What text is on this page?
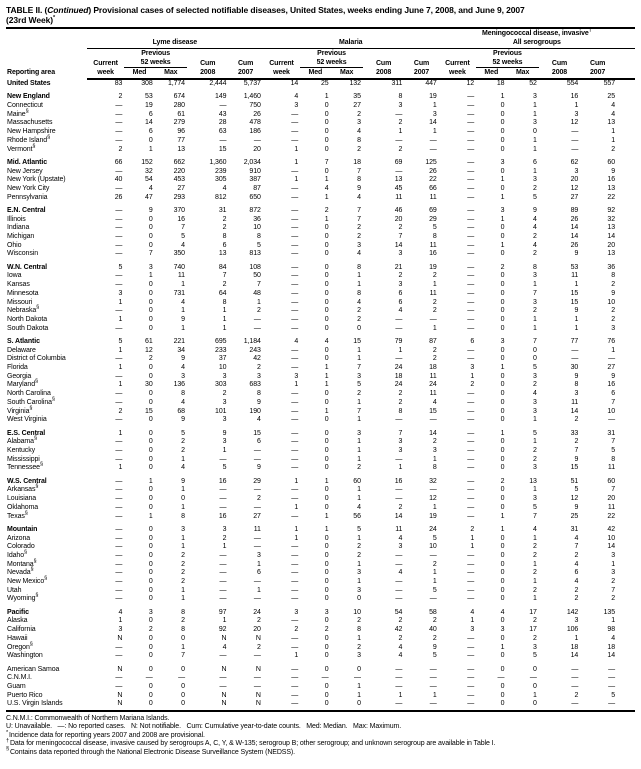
TABLE II. (Continued) Provisional cases of selected notifiable diseases, United States, weeks ending June 7, 2008, and June 9, 2007
(23rd Week)*
Reporting area											Meningococcal disease, invasive†
	Lyme disease					Malaria					All serogroups				
		Previous					Previous					Previous			
	Current	52 weeks		Cum	Cum	Current	52 weeks		Cum	Cum	Current	52 weeks		Cum	Cum
	week	Med	Max	2008	2007	week	Med	Max	2008	2007	week	Med	Max	2008	2007
United States	83	308	1,774	2,444	5,737	14	25	132	311	447	12	18	52	554	557

New England	2	53	674	149	1,460	4	1	35	8	19	—	1	3	16	25
Connecticut	—	19	280	—	750	3	0	27	3	1	—	0	1	1	4
Maine§	—	6	61	43	26	—	0	2	—	3	—	0	1	3	4
Massachusetts	—	14	279	28	478	—	0	3	2	14	—	0	3	12	13
New Hampshire	—	6	96	63	186	—	0	4	1	1	—	0	0	—	1
Rhode Island§	—	0	77	—	—	—	0	8	—	—	—	0	1	—	1
Vermont§	2	1	13	15	20	1	0	2	2	—	—	0	1	—	2

Mid. Atlantic	66	152	662	1,360	2,034	1	7	18	69	125	—	3	6	62	60
New Jersey	—	32	220	239	910	—	0	7	—	26	—	0	1	3	9
New York (Upstate)	40	54	453	305	387	1	1	8	13	22	—	1	3	20	16
New York City	—	4	27	4	87	—	4	9	45	66	—	0	2	12	13
Pennsylvania	26	47	293	812	650	—	1	4	11	11	—	1	5	27	22

E.N. Central	—	9	370	31	872	—	2	7	46	69	—	3	9	89	92
Illinois	—	0	16	2	36	—	1	7	20	29	—	1	4	26	32
Indiana	—	0	7	2	10	—	0	2	2	5	—	0	4	14	13
Michigan	—	0	5	8	8	—	0	2	7	8	—	0	2	14	14
Ohio	—	0	4	6	5	—	0	3	14	11	—	1	4	26	20
Wisconsin	—	7	350	13	813	—	0	4	3	16	—	0	2	9	13

W.N. Central	5	3	740	84	108	—	0	8	21	19	—	2	8	53	36
Iowa	—	1	11	7	50	—	0	1	2	2	—	0	3	11	8
Kansas	—	0	1	2	7	—	0	1	3	1	—	0	1	1	2
Minnesota	3	0	731	64	48	—	0	8	6	11	—	0	7	15	9
Missouri	1	0	4	8	1	—	0	4	6	2	—	0	3	15	10
Nebraska§	—	0	1	1	2	—	0	2	4	2	—	0	2	9	2
North Dakota	1	0	9	1	—	—	0	2	—	—	—	0	1	1	2
South Dakota	—	0	1	1	—	—	0	0	—	1	—	0	1	1	3

S. Atlantic	5	61	221	695	1,184	4	4	15	79	87	6	3	7	77	76
Delaware	1	12	34	233	243	—	0	1	1	2	—	0	0	—	1
District of Columbia	—	2	9	37	42	—	0	1	—	2	—	0	0	—	—
Florida	1	0	4	10	2	—	1	7	24	18	3	1	5	30	27
Georgia	—	0	3	3	3	3	1	3	18	11	1	0	3	9	9
Maryland§	1	30	136	303	683	1	1	5	24	24	2	0	2	8	16
North Carolina	—	0	8	2	8	—	0	2	2	11	—	0	4	3	6
South Carolina§	—	0	4	3	9	—	0	1	2	4	—	0	3	11	7
Virginia§	2	15	68	101	190	—	1	7	8	15	—	0	3	14	10
West Virginia	—	0	9	3	4	—	0	1	—	—	—	0	1	2	—

E.S. Central	1	0	5	9	15	—	0	3	7	14	—	1	5	33	31
Alabama§	—	0	2	3	6	—	0	1	3	2	—	0	1	2	7
Kentucky	—	0	2	1	—	—	0	1	3	3	—	0	2	7	5
Mississippi	—	0	1	—	—	—	0	1	—	1	—	0	2	9	8
Tennessee§	1	0	4	5	9	—	0	2	1	8	—	0	3	15	11

W.S. Central	—	1	9	16	29	1	1	60	16	32	—	2	13	51	60
Arkansas§	—	0	1	—	—	—	0	1	—	—	—	0	1	5	7
Louisiana	—	0	0	—	2	—	0	1	—	12	—	0	3	12	20
Oklahoma	—	0	1	—	—	1	0	4	2	1	—	0	5	9	11
Texas§	—	1	8	16	27	—	1	56	14	19	—	1	7	25	22

Mountain	—	0	3	3	11	1	1	5	11	24	2	1	4	31	42
Arizona	—	0	1	2	—	1	0	1	4	5	1	0	1	4	10
Colorado	—	0	1	1	—	—	0	2	3	10	1	0	2	7	14
Idaho§	—	0	2	—	3	—	0	2	—	—	—	0	2	2	3
Montana§	—	0	2	—	1	—	0	1	—	2	—	0	1	4	1
Nevada§	—	0	2	—	6	—	0	3	4	1	—	0	2	6	3
New Mexico§	—	0	2	—	—	—	0	1	—	1	—	0	1	4	2
Utah	—	0	1	—	1	—	0	3	—	5	—	0	2	2	7
Wyoming§	—	0	1	—	—	—	0	0	—	—	—	0	1	2	2

Pacific	4	3	8	97	24	3	3	10	54	58	4	4	17	142	135
Alaska	1	0	2	1	2	—	0	2	2	2	1	0	2	3	1
California	3	2	8	92	20	2	2	8	42	40	3	3	17	106	98
Hawaii	N	0	0	N	N	—	0	1	2	2	—	0	2	1	4
Oregon§	—	0	1	4	2	—	0	2	4	9	—	1	3	18	18
Washington	—	0	7	—	—	1	0	3	4	5	—	0	5	14	14

American Samoa	N	0	0	N	N	—	0	0	—	—	—	0	0	—	—
C.N.M.I.	—	—	—	—	—	—	—	—	—	—	—	—	—	—	—
Guam	—	0	0	—	—	—	0	1	—	—	—	0	0	—	—
Puerto Rico	N	0	0	N	N	—	0	1	1	1	—	0	1	2	5
U.S. Virgin Islands	N	0	0	N	N	—	0	0	—	—	—	0	0	—	—
C.N.M.I.: Commonwealth of Northern Mariana Islands.
U: Unavailable.   —: No reported cases.   N: Not notifiable.   Cum: Cumulative year-to-date counts.   Med: Median.   Max: Maximum.
*Incidence data for reporting years 2007 and 2008 are provisional.
†Data for meningococcal disease, invasive caused by serogroups A, C, Y, & W-135; serogroup B; other serogroup; and unknown serogroup are available in Table I.
§Contains data reported through the National Electronic Disease Surveillance System (NEDSS).
